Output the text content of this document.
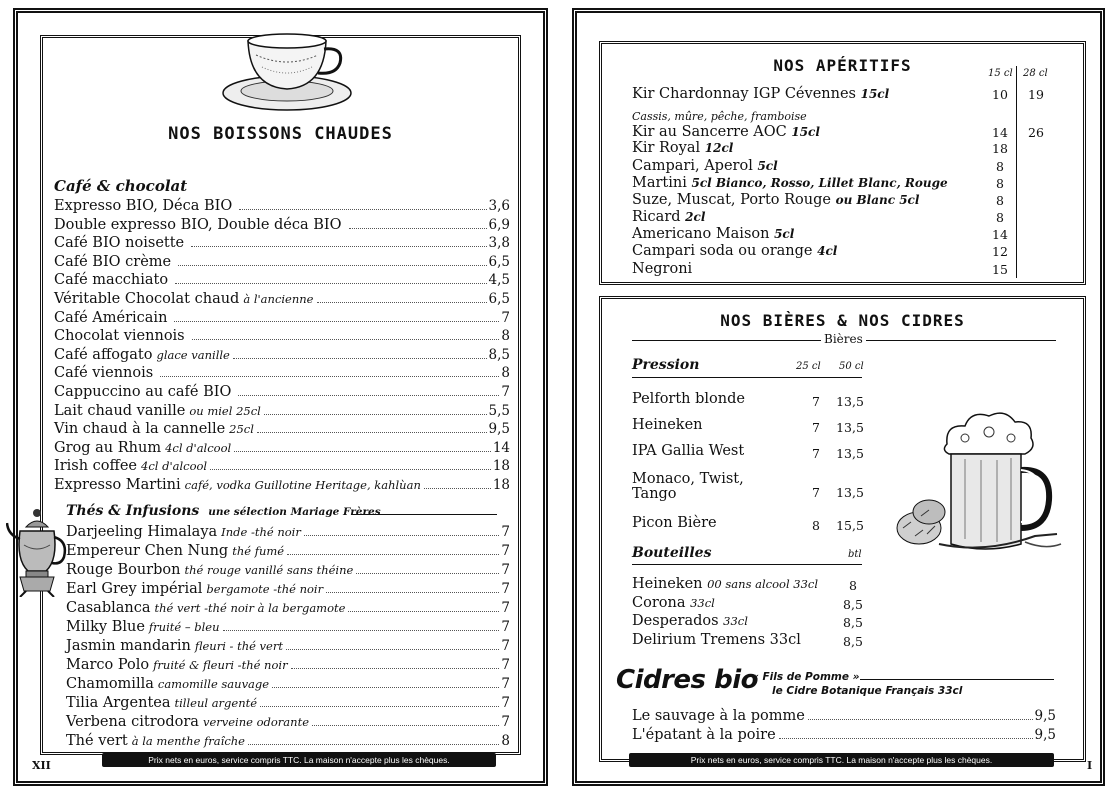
NOS BOISSONS CHAUDES
Café & chocolat
Expresso BIO, Déca BIO	3,6
Double expresso BIO, Double déca BIO	6,9
Café BIO noisette	3,8
Café BIO crème	6,5
Café macchiato	4,5
Véritable Chocolat chaud à l'ancienne	6,5
Café Américain	7
Chocolat viennois	8
Café affogato glace vanille	8,5
Café viennois	8
Cappuccino au café BIO	7
Lait chaud vanille ou miel 25cl	5,5
Vin chaud à la cannelle 25cl	9,5
Grog au Rhum 4cl d'alcool	14
Irish coffee 4cl d'alcool	18
Expresso Martini café, vodka Guillotine Heritage, kahlùan	18
Thés & Infusions une sélection Mariage Frères
Darjeeling Himalaya Inde -thé noir	7
Empereur Chen Nung thé fumé	7
Rouge Bourbon thé rouge vanillé sans théine	7
Earl Grey impérial bergamote -thé noir	7
Casablanca thé vert -thé noir à la bergamote	7
Milky Blue fruité – bleu	7
Jasmin mandarin fleuri - thé vert	7
Marco Polo fruité & fleuri -thé noir	7
Chamomilla camomille sauvage	7
Tilia Argentea tilleul argenté	7
Verbena citrodora verveine odorante	7
Thé vert à la menthe fraîche	8
Prix nets en euros, service compris TTC. La maison n'accepte plus les chèques.
XII
NOS APÉRITIFS	15 cl 28 cl
Kir Chardonnay IGP Cévennes 15cl	10	19
Kir au Sancerre AOC 15cl	14	26
Kir Royal 12cl	18
Campari, Aperol 5cl	8
Martini 5cl Bianco, Rosso, Lillet Blanc, Rouge	8
Suze, Muscat, Porto Rouge ou Blanc 5cl	8
Ricard 2cl	8
Americano Maison 5cl	14
Campari soda ou orange 4cl	12
Negroni	15
Cassis, mûre, pêche, framboise
NOS BIÈRES & NOS CIDRES
Bières
Pression	25 cl 50 cl
Pelforth blonde	7	13,5
Heineken	7	13,5
IPA Gallia West	7	13,5
Monaco, Twist,
Tango	7	13,5
Picon Bière	8	15,5
Bouteilles	btl
Heineken 00 sans alcool 33cl	8
Corona 33cl	8,5
Desperados 33cl	8,5
Delirium Tremens 33cl	8,5
Cidres bio
« Fils de Pomme »
le Cidre Botanique Français 33cl
Le sauvage à la pomme	9,5
L'épatant à la poire	9,5
Prix nets en euros, service compris TTC. La maison n'accepte plus les chèques.	I
